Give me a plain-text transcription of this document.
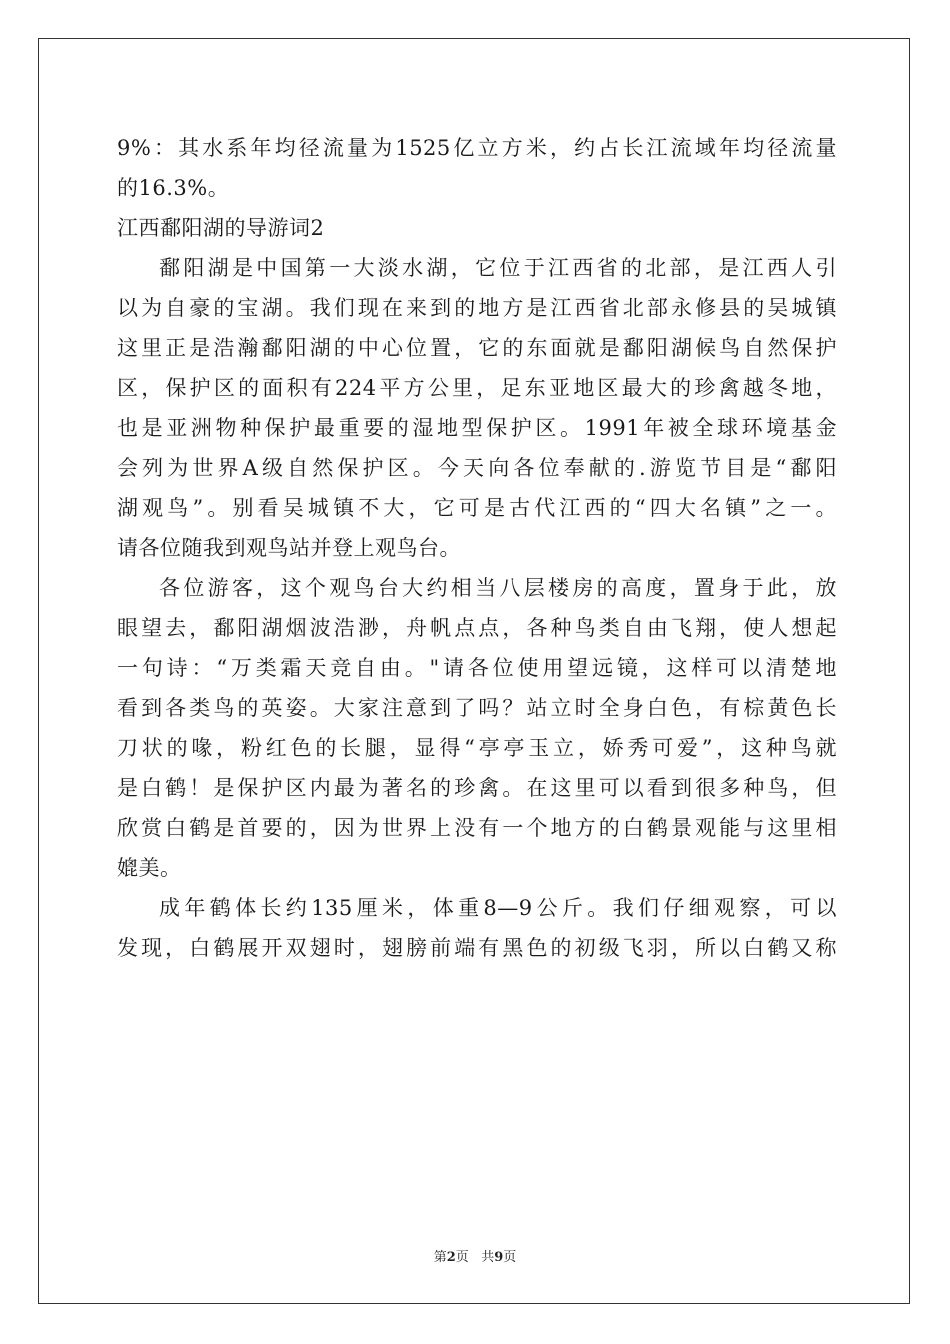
9%：其水系年均径流量为1525亿立方米，约占长江流域年均径流量
的16.3%。
江西鄱阳湖的导游词2
鄱阳湖是中国第一大淡水湖，它位于江西省的北部，是江西人引
以为自豪的宝湖。我们现在来到的地方是江西省北部永修县的吴城镇
这里正是浩瀚鄱阳湖的中心位置，它的东面就是鄱阳湖候鸟自然保护
区，保护区的面积有224平方公里，足东亚地区最大的珍禽越冬地，
也是亚洲物种保护最重要的湿地型保护区。1991年被全球环境基金
会列为世界A级自然保护区。今天向各位奉献的.游览节目是“鄱阳
湖观鸟”。别看吴城镇不大，它可是古代江西的“四大名镇”之一。
请各位随我到观鸟站并登上观鸟台。
各位游客，这个观鸟台大约相当八层楼房的高度，置身于此，放
眼望去，鄱阳湖烟波浩渺，舟帆点点，各种鸟类自由飞翔，使人想起
一句诗：“万类霜天竞自由。"请各位使用望远镜，这样可以清楚地
看到各类鸟的英姿。大家注意到了吗？站立时全身白色，有棕黄色长
刀状的喙，粉红色的长腿，显得“亭亭玉立，娇秀可爱”，这种鸟就
是白鹤！是保护区内最为著名的珍禽。在这里可以看到很多种鸟，但
欣赏白鹤是首要的，因为世界上没有一个地方的白鹤景观能与这里相
媲美。
成年鹤体长约135厘米，体重8—9公斤。我们仔细观察，可以
发现，白鹤展开双翅时，翅膀前端有黑色的初级飞羽，所以白鹤又称
第2页 共9页
